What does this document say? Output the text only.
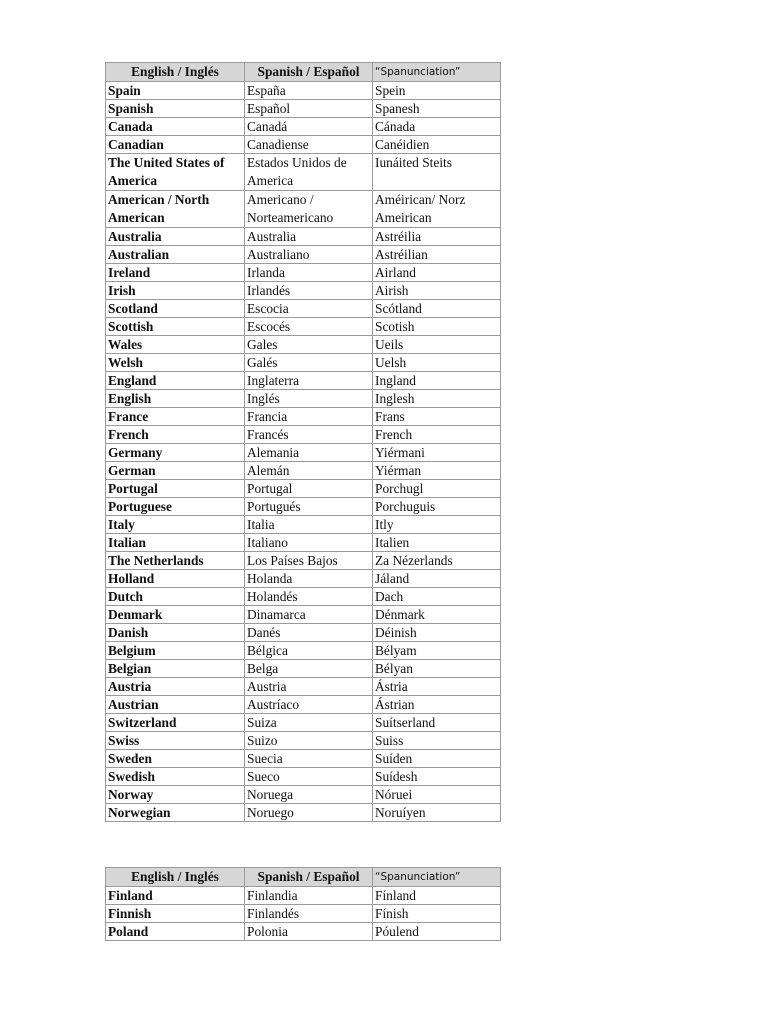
English / Inglés	Spanish / Español	“Spanunciation”
Spain	España	Spein
Spanish	Español	Spanesh
Canada	Canadá	Cánada
Canadian	Canadiense	Canéidien
The United States of America	Estados Unidos de America	Iunáited Steits
American / North American	Americano / Norteamericano	Améirican/ Norz Ameirican
Australia	Australia	Astréilia
Australian	Australiano	Astréilian
Ireland	Irlanda	Airland
Irish	Irlandés	Airish
Scotland	Escocia	Scótland
Scottish	Escocés	Scotish
Wales	Gales	Ueils
Welsh	Galés	Uelsh
England	Inglaterra	Ingland
English	Inglés	Inglesh
France	Francia	Frans
French	Francés	French
Germany	Alemania	Yiérmani
German	Alemán	Yiérman
Portugal	Portugal	Porchugl
Portuguese	Portugués	Porchuguis
Italy	Italia	Itly
Italian	Italiano	Italien
The Netherlands	Los Países Bajos	Za Nézerlands
Holland	Holanda	Jáland
Dutch	Holandés	Dach
Denmark	Dinamarca	Dénmark
Danish	Danés	Déinish
Belgium	Bélgica	Bélyam
Belgian	Belga	Bélyan
Austria	Austria	Ástria
Austrian	Austríaco	Ástrian
Switzerland	Suiza	Suítserland
Swiss	Suizo	Suiss
Sweden	Suecia	Suíden
Swedish	Sueco	Suídesh
Norway	Noruega	Nóruei
Norwegian	Noruego	Noruíyen
English / Inglés	Spanish / Español	“Spanunciation”
Finland	Finlandia	Fínland
Finnish	Finlandés	Fínish
Poland	Polonia	Póulend
